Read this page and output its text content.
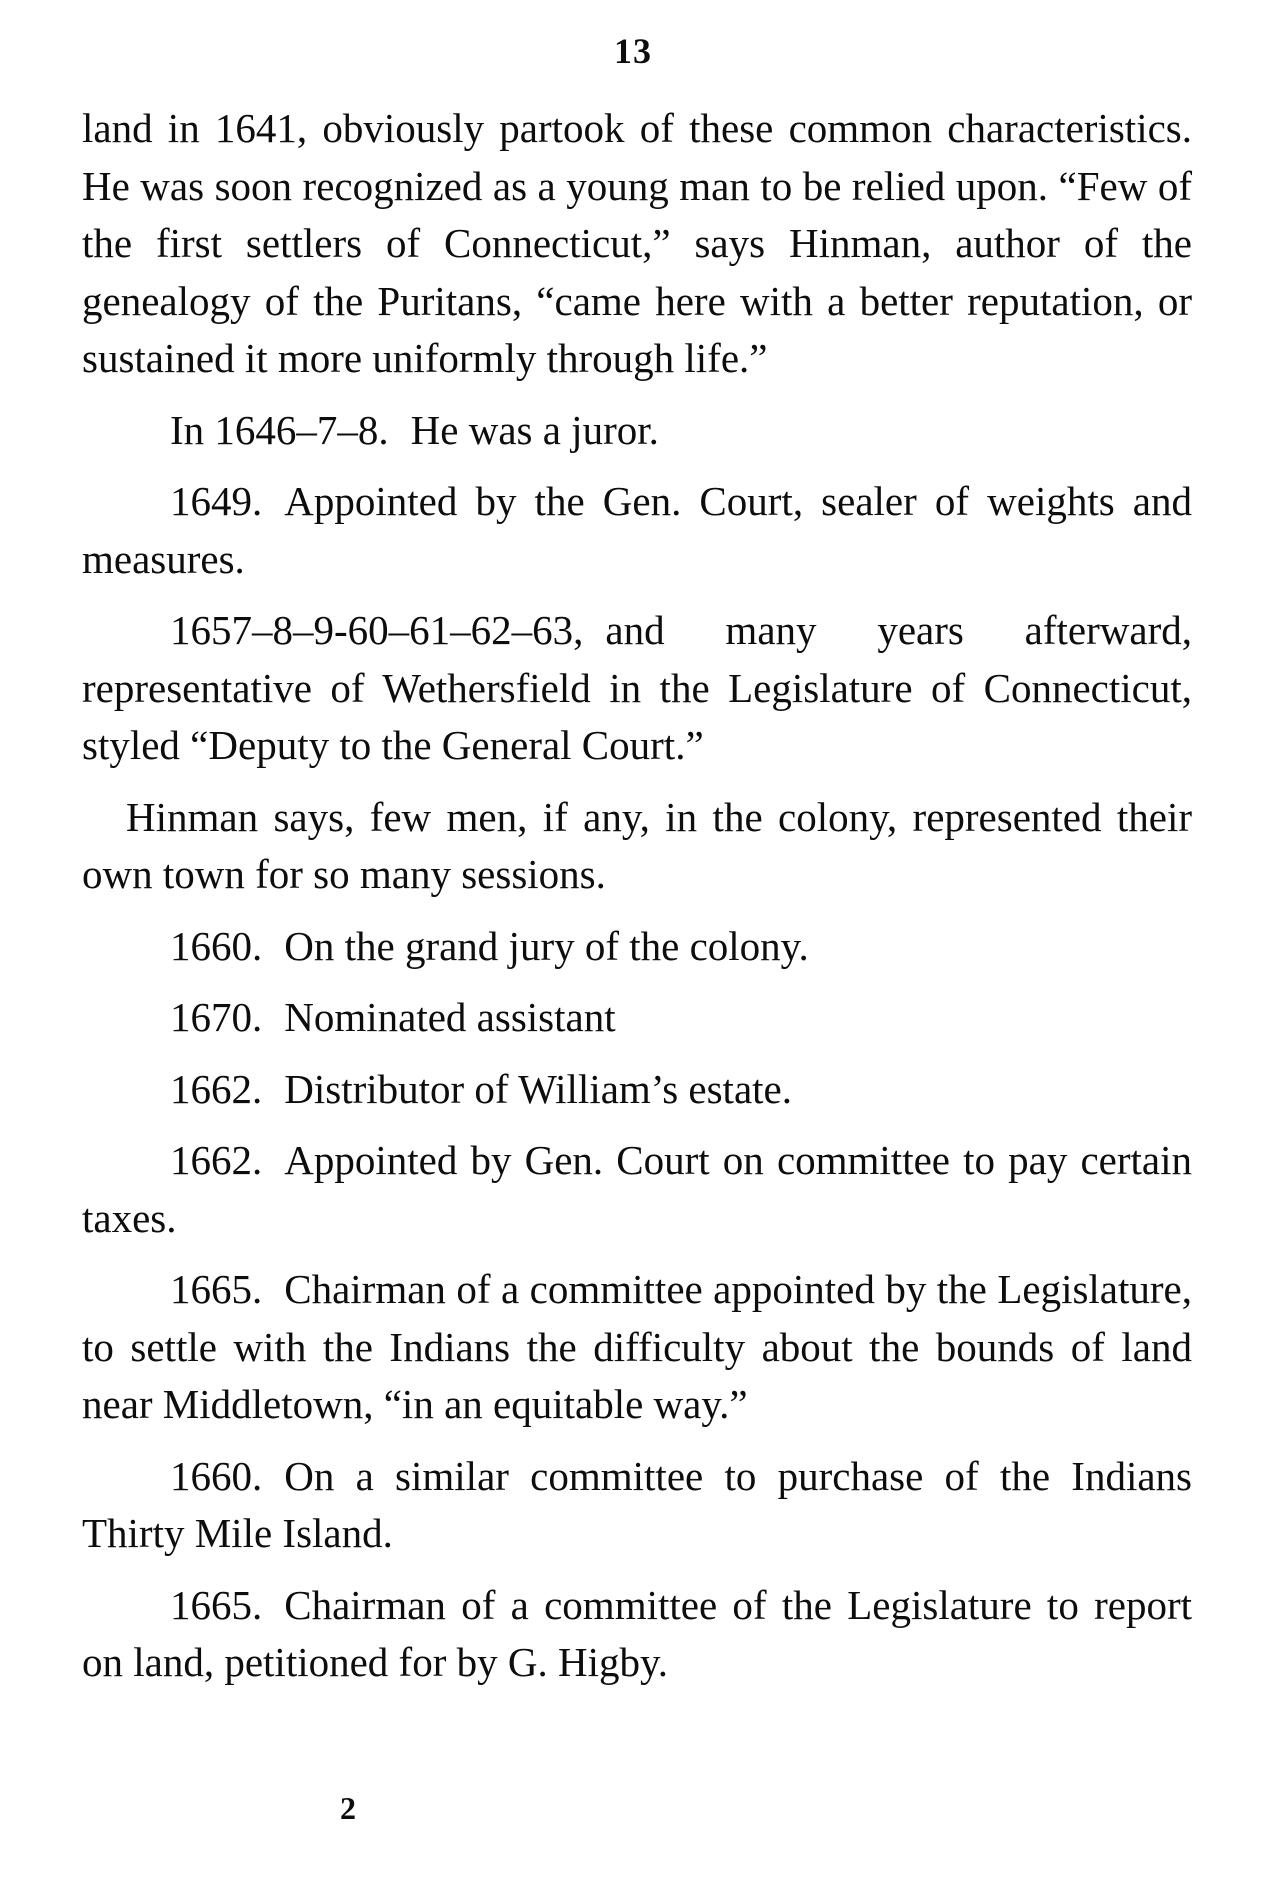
13

land in 1641, obviously partook of these common characteristics. He was soon recognized as a young man to be relied upon. “Few of the first settlers of Connecticut,” says Hinman, author of the genealogy of the Puritans, “came here with a better reputation, or sustained it more uniformly through life.”

In 1646–7–8. He was a juror.

1649. Appointed by the Gen. Court, sealer of weights and measures.

1657–8–9-60–61–62–63, and many years afterward, representative of Wethersfield in the Legislature of Connecticut, styled “Deputy to the General Court.”

Hinman says, few men, if any, in the colony, represented their own town for so many sessions.

1660. On the grand jury of the colony.

1670. Nominated assistant

1662. Distributor of William’s estate.

1662. Appointed by Gen. Court on committee to pay certain taxes.

1665. Chairman of a committee appointed by the Legislature, to settle with the Indians the difficulty about the bounds of land near Middletown, “in an equitable way.”

1660. On a similar committee to purchase of the Indians Thirty Mile Island.

1665. Chairman of a committee of the Legislature to report on land, petitioned for by G. Higby.

2
